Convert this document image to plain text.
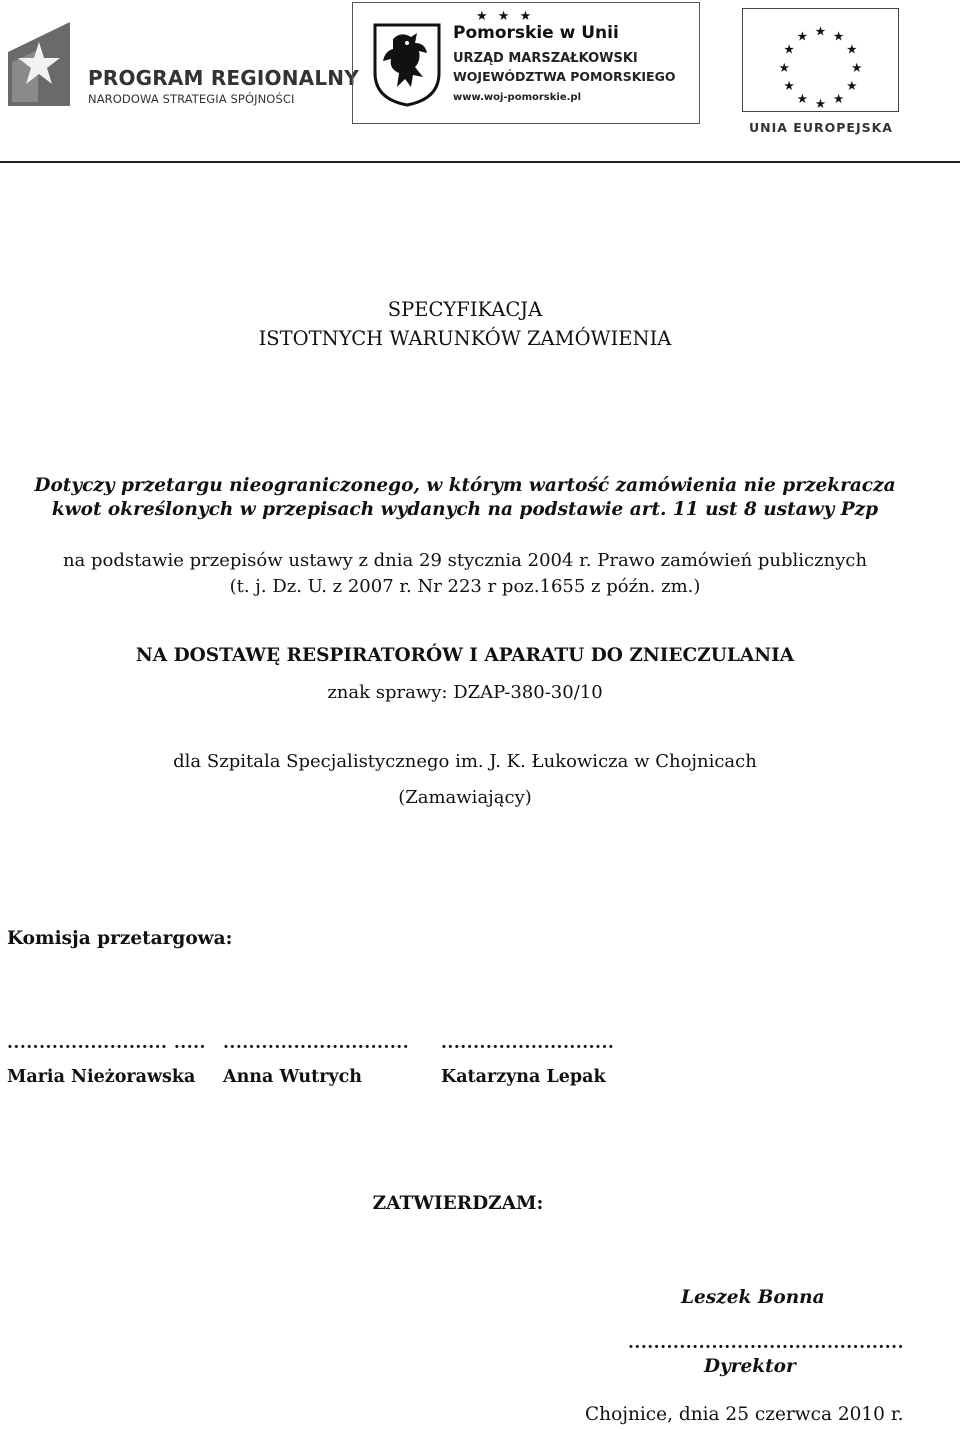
PROGRAM REGIONALNY
NARODOWA STRATEGIA SPÓJNOŚCI
★ ★ ★
Pomorskie w Unii
URZĄD MARSZAŁKOWSKI
WOJEWÓDZTWA POMORSKIEGO
www.woj-pomorskie.pl
★ ★
★
★
★
★
★
★
★
★
★
★
UNIA EUROPEJSKA
SPECYFIKACJA
ISTOTNYCH WARUNKÓW ZAMÓWIENIA
Dotyczy przetargu nieograniczonego, w którym wartość zamówienia nie przekracza
kwot określonych w przepisach wydanych na podstawie art. 11 ust 8 ustawy Pzp
na podstawie przepisów ustawy z dnia 29 stycznia 2004 r. Prawo zamówień publicznych
(t. j. Dz. U. z 2007 r. Nr 223 r poz.1655 z późn. zm.)
NA DOSTAWĘ RESPIRATORÓW I APARATU DO ZNIECZULANIA
znak sprawy: DZAP-380-30/10
dla Szpitala Specjalistycznego im. J. K. Łukowicza w Chojnicach
(Zamawiający)
Komisja przetargowa:
......................... .....
Maria Nieżorawska
.............................
Anna Wutrych
...........................
Katarzyna Lepak
ZATWIERDZAM:
Leszek Bonna
...........................................
Dyrektor
Chojnice, dnia 25 czerwca 2010 r.
